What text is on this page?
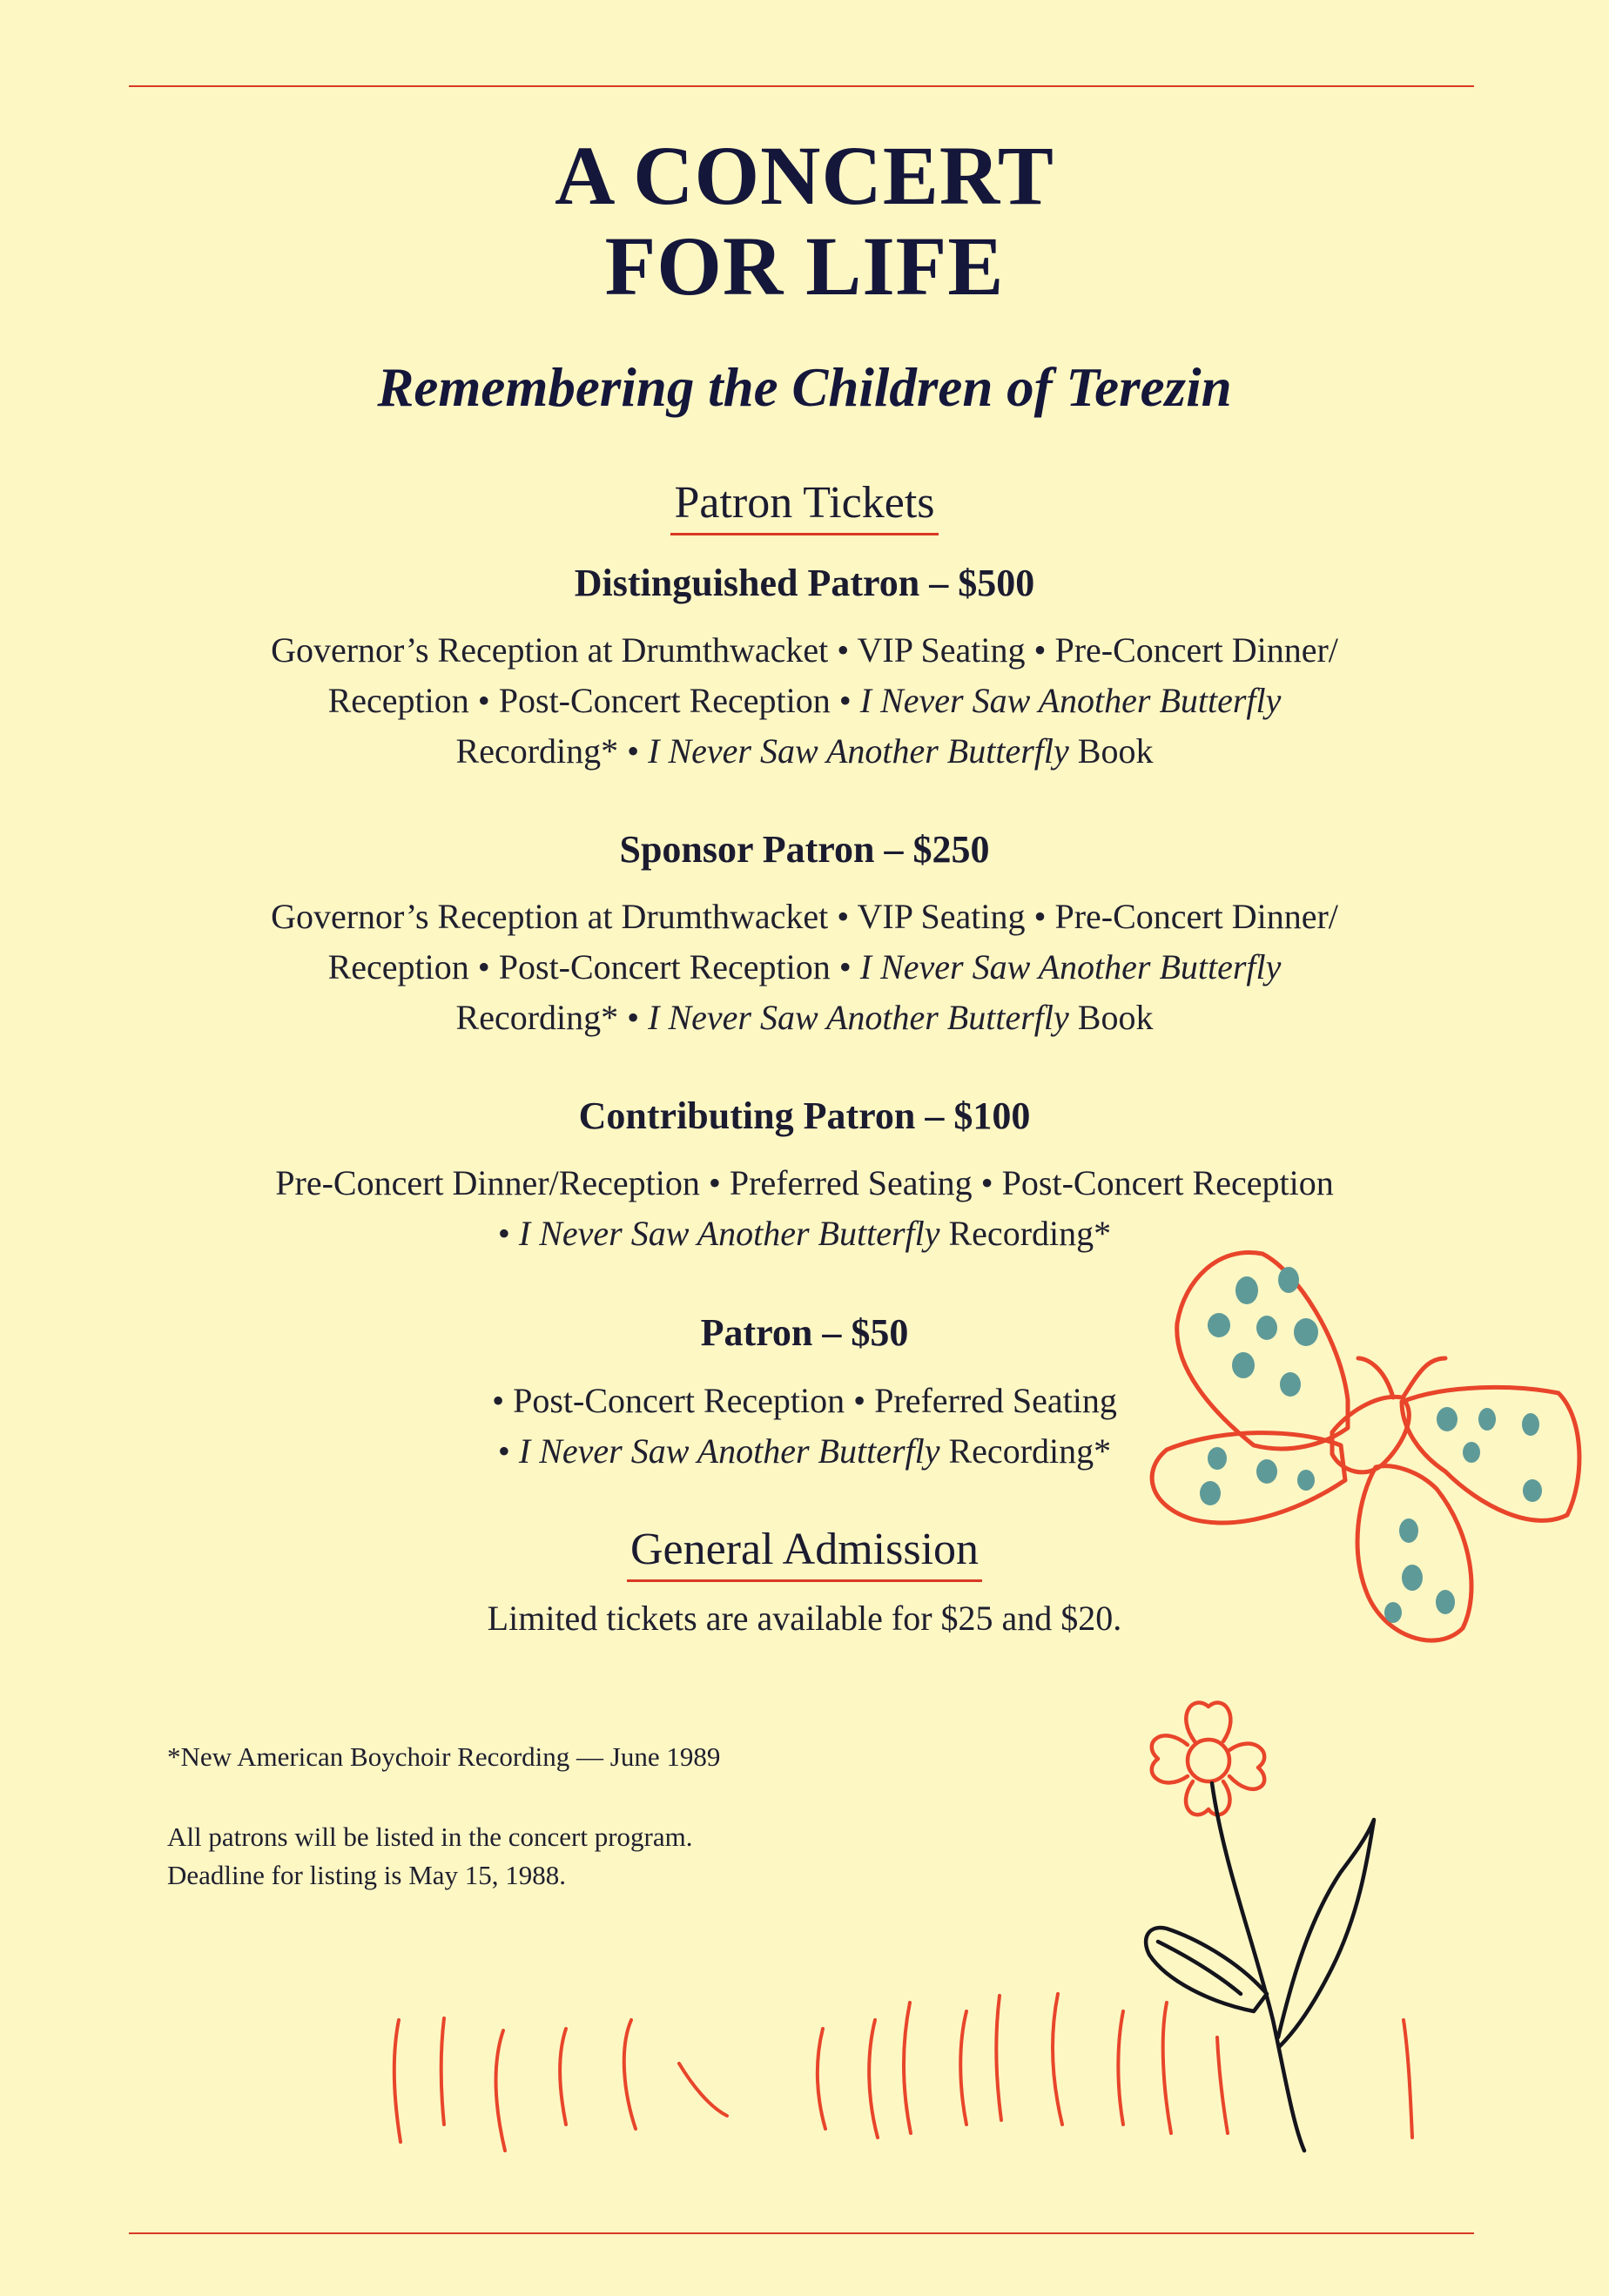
A CONCERT
FOR LIFE
Remembering the Children of Terezin
Patron Tickets
Distinguished Patron – $500
Governor’s Reception at Drumthwacket • VIP Seating • Pre-Concert Dinner/
Reception • Post-Concert Reception • I Never Saw Another Butterfly
Recording* • I Never Saw Another Butterfly Book
Sponsor Patron – $250
Governor’s Reception at Drumthwacket • VIP Seating • Pre-Concert Dinner/
Reception • Post-Concert Reception • I Never Saw Another Butterfly
Recording* • I Never Saw Another Butterfly Book
Contributing Patron – $100
Pre-Concert Dinner/Reception • Preferred Seating • Post-Concert Reception
• I Never Saw Another Butterfly Recording*
Patron – $50
• Post-Concert Reception • Preferred Seating
• I Never Saw Another Butterfly Recording*
General Admission
Limited tickets are available for $25 and $20.
*New American Boychoir Recording — June 1989
All patrons will be listed in the concert program.
Deadline for listing is May 15, 1988.
